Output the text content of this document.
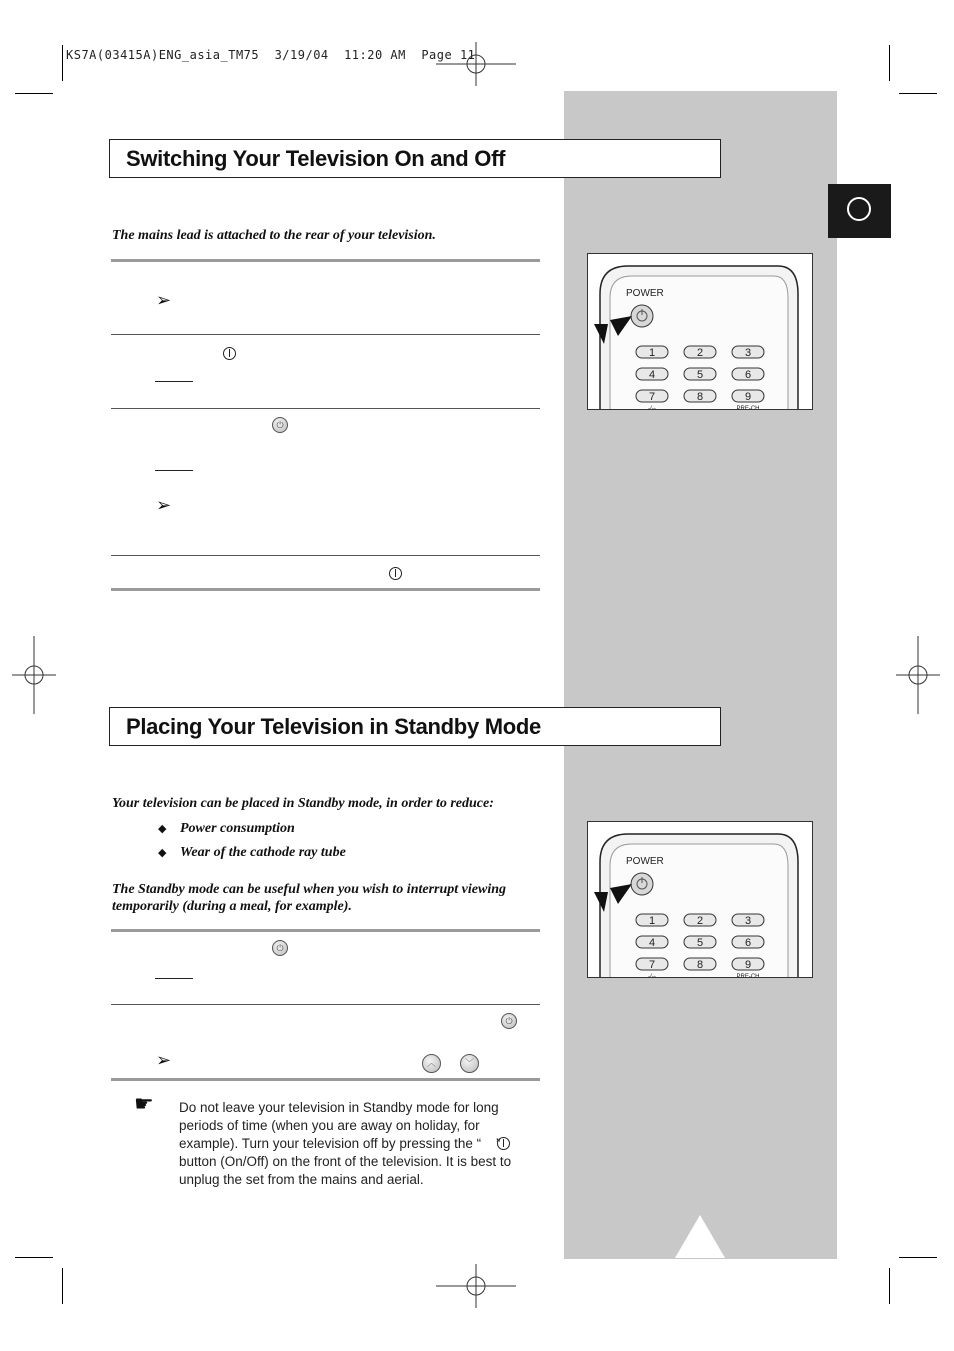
KS7A(03415A)ENG_asia_TM75  3/19/04  11:20 AM  Page 11
Switching Your Television On and Off
The mains lead is attached to the rear of your television.
➢
⏻
➢
POWER
1	2	3
4	5	6
7	8	9
-/--	PRE-CH
Placing Your Television in Standby Mode
Your television can be placed in Standby mode, in order to reduce:
◆ Power consumption
◆ Wear of the cathode ray tube
The Standby mode can be useful when you wish to interrupt viewing temporarily (during a meal, for example).
⏻
⏻
➢	︿	﹀
☛ Do not leave your television in Standby mode for long periods of time (when you are away on holiday, for example). Turn your television off by pressing the “    ” button (On/Off) on the front of the television. It is best to unplug the set from the mains and aerial.
POWER
1	2	3
4	5	6
7	8	9
-/--	PRE-CH
